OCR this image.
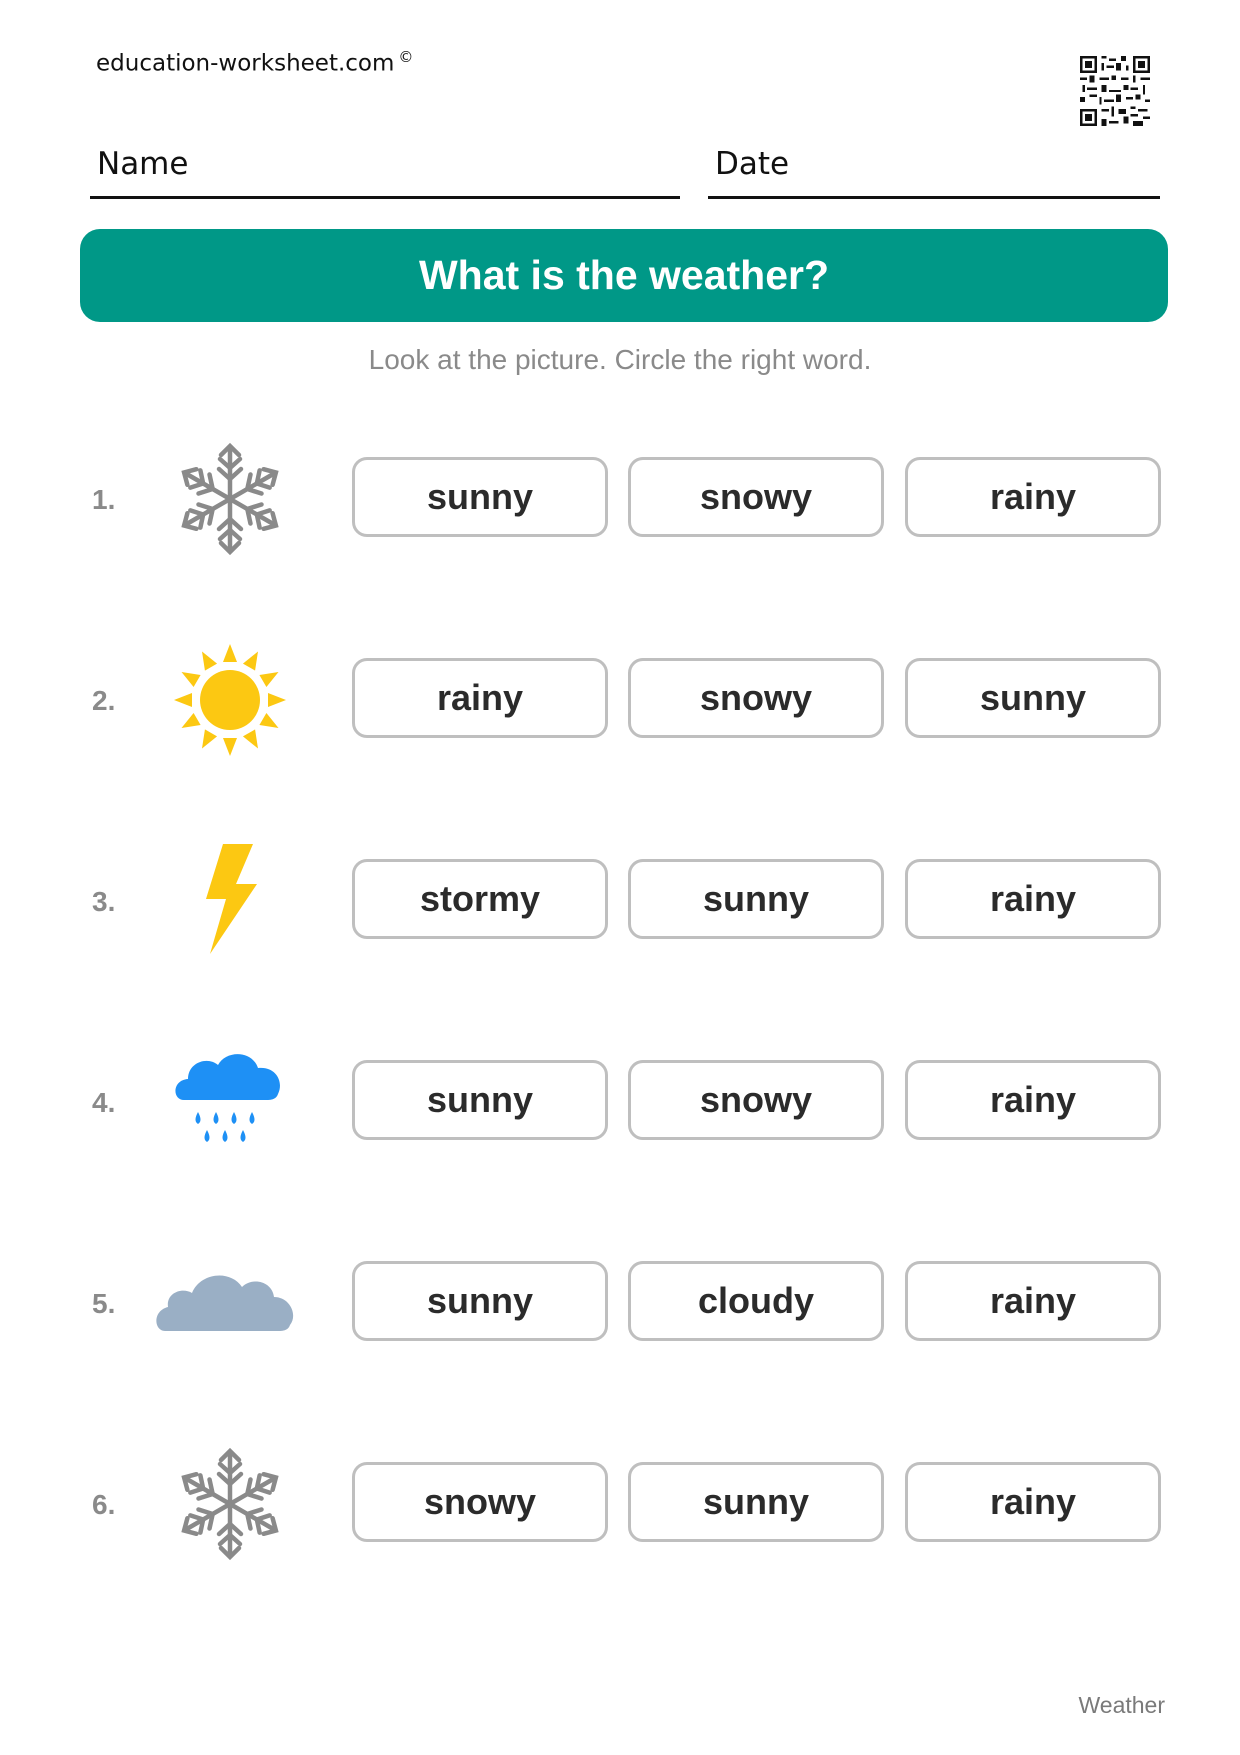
education-worksheet.com ©
Name	Date
What is the weather?
Look at the picture. Circle the right word.
1.	sunny	snowy	rainy
2.	rainy	snowy	sunny
3.	stormy	sunny	rainy
4.	sunny	snowy	rainy
5.	sunny	cloudy	rainy
6.	snowy	sunny	rainy
Weather
